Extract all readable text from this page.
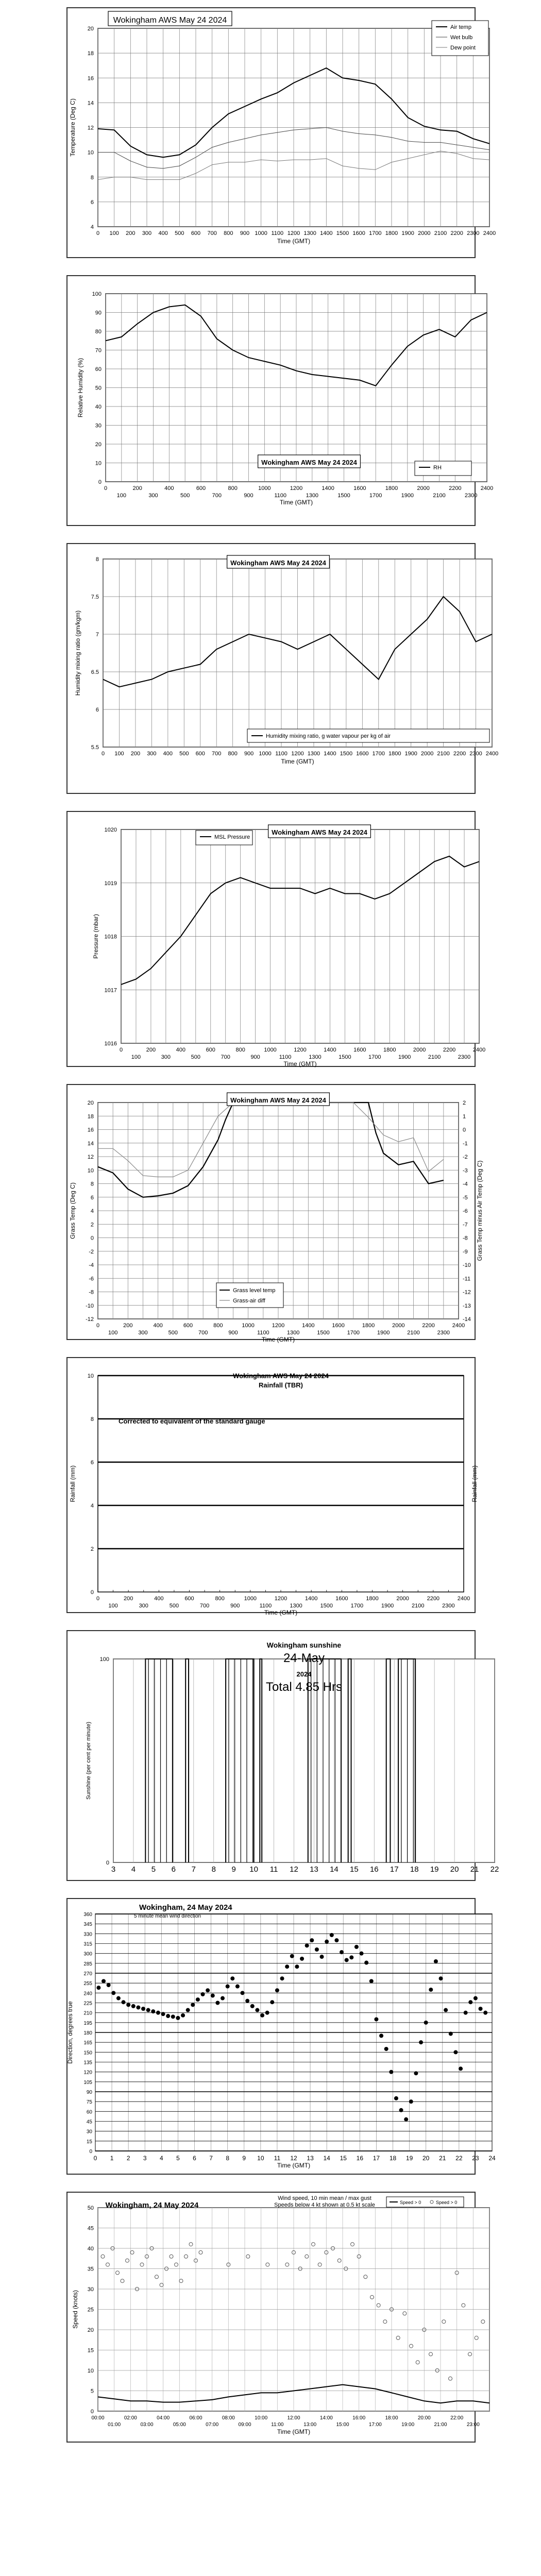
4
6
8
10
12
14
16
18
20
0 100 200 300 400 500 600 700 800 900 1000 1100 1200 1300 1400 1500 1600 1700 1800 1900 2000 2100 2200 2300 2400
Time (GMT)
Temperature (Deg C)
Wokingham AWS May 24 2024
Air temp
Wet bulb
Dew point
0
10
20
30
40
50
60
70
80
90
100
0	200	400	600	800	1000	1200	1400	1600	1800	2000	2200	2400
100	300	500	700	900	1100	1300	1500	1700	1900	2100	2300
Time (GMT)
Relative Humidity (%)
Wokingham AWS May 24 2024
RH
5.5
6
6.5
7
7.5
8
0 100 200 300 400 500 600 700 800 900 1000 1100 1200 1300 1400 1500 1600 1700 1800 1900 2000 2100 2200 2300 2400
Time (GMT)
Humidity mixing ratio (gm/kgm)
Wokingham AWS May 24 2024
Humidity mixing ratio, g water vapour per kg of air
1016
1017
1018
1019
1020
0	200	400	600	800	1000	1200	1400	1600	1800	2000	2200	2400
100	300	500	700	900	1100	1300	1500	1700	1900	2100	2300
Time (GMT)
Pressure (mbar)
Wokingham AWS May 24 2024
MSL Pressure
-12
-10
-8
-6
-4
-2
0
2
4
6
8
10
12
14
16
18
20
0	200	400	600	800	1000	1200	1400	1600	1800	2000	2200	2400
100	300	500	700	900	1100	1300	1500	1700	1900	2100	2300
Time (GMT)
Grass Temp (Deg C)
-14
-13
-12
-11
-10
-9
-8
-7
-6
-5
-4
-3
-2
-1
0
1
2
Grass Temp minus Air Temp (Deg C)
Wokingham AWS May 24 2024
Grass level temp
Grass-air diff
0
2
4
6
8
10
0	200	400	600	800	1000	1200	1400	1600	1800	2000	2200	2400
100	300	500	700	900	1100	1300	1500	1700	1900	2100	2300
Time (GMT)
Rainfall (mm)	Rainfall (mm)
Wokingham AWS May 24 2024
Rainfall (TBR)
Corrected to equivalent of the standard gauge
3 4 5 6 7 8 9 10 11 12 13 14 15 16 17 18 19 20 21 22
0
100
Sunshine (per cent per minute)
Wokingham sunshine
24-May
2024
Total 4.85 Hrs
0
15
30
45
60
75
90
105
120
135
150
165
180
195
210
225
240
255
270
285
300
315
330
345
360
0 1 2 3 4 5 6 7 8 9 10 11 12 13 14 15 16 17 18 19 20 21 22 23 24
Time (GMT)
Direction, degrees true
Wokingham, 24 May 2024
5 minute mean wind direction
0
5
10
15
20
25
30
35
40
45
50
00:00	02:00	04:00	06:00	08:00	10:00	12:00	14:00	16:00	18:00	20:00	22:00
01:00	03:00	05:00	07:00	09:00	11:00	13:00	15:00	17:00	19:00	21:00	23:00
Time (GMT)
Speed (knots)
Wokingham, 24 May 2024
Wind speed, 10 min mean / max gust
Speeds below 4 kt shown at 0.5 kt scale	Speed > 0	Speed > 0
